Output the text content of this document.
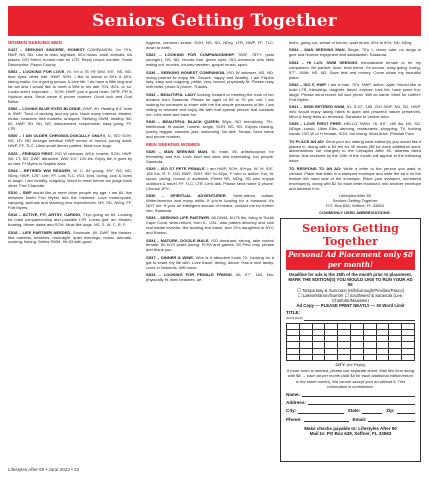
Seniors Getting Together
WOMEN SEEKING MEN
S427 – SEEKING SINCERE, HONEST COMPANION, I'm 70's, NWF, NS, ND. Like to read, sightsee, 50's music, walk, animals, nw places. ISO friend, honest man for LTR. Reply phone number, Small Description. Pasco County.
S502 – LOOKING FOR LOVE. Hi. I'm a 78 YR WW, 5'5", NS, ND, blue eyes, white hair, HWP. SOH. I like to dance to 50's & 60's, taking walks. I'm a giving person & love life. I do have a little dog and fat cat and I would like to meet a WM in his late 70's, 80's, or so. Looks aren't important ... SOH, HWP, just a good heart. NPR, PR & Hudson area. Send name & phone number. Good luck and God Bless.
S506 – LOVING BLUE EYED BLONDE, DWF, 60. Healthy 5'4" lives in SWF. Tired of working and my jobs. Have many interest, theater, music, beaches, flea markets, antiques. Seeking SWM, healthy, 58-62, HWP, SD, ND, NS, independent, responsible, easy going. FF, LTR.
S500 – I AM OLDER CHRONOLOGICALLY ONLY!!, D, ISO SOH, NS, LD, ND sexagic medical HWP sense of humor, young adult, HWP, FF, TLC. Likes small dinner parties. Must love dogs.
S525 – FRIENDS FIRST. ISO W widower, 8/0's, honest, SOH, HWP, NS, LT, SD. DWF, attractive, WW, 5'4", 120 lbs. Enjoy life, it goes by so fast. Ft Myers to Naples area.
S524 – RETIRED WW READER, W, C, 84 young, 5'6", NS, ND, NDrg, HWP, 125". Life, FF. Lots TLC. ISO, kind, loving, cool & loves to laugh. I am healthy, outgoing. Need to meet before we judge each other. Port Charlotte.
S510 – SWF would like to meet other people my age. I am 60, live between North Fort Myers and the midwest. Love motorcycles, camping, animals and learning new experiences. NS, SD, NDrg. FF. Fort Myers.
S516 – ACTIVE, FIT, ARTSY, CARING, 71yo going on 60. Looking for male companionship and possible LTR. Loves golf, art, theater, boating, dinner dates and SOH. Must like dogs. NS, S, W, C, R, F.
S518 – LIFE PARTNER NEEDED. Soulmate. 60, DWF, like theater, flea markets, beaches, moonlight, quiet evenings, music, animals, cooking, fishing. Seeks SWM, 59-63 with good
hygiene, common sense, SOH, NS, SD, NDrg, LTR, HWP, FF, TLC, down to earth.
S522 – LOOKING FOR COMPANIONSHIP. SWF, 78YY (acts younger), NS, ND, blonde hair, green eyes. ISO someone who likes eating out, movies, country western, gospel music, sport.
S336 – SEEKING HONEST COMPANION, ISO W widower, NS, ND, loving partner to enjoy life. Secure, happy and healthy. I am Filipino lady, easy and outgoing, petite, very honest, physically fit. Please reply with letter, photo & phone. Thanks.
S532 – BEAUTIFUL LADY looking forward to meeting the man of her dreams from Sarasota. Please be ages of 69 to 79 yrs. old. I am looking for someone to share with me the simple pleasures of life. I am willing to relocate and enjoy life with that special person that contacts me. Lets meet and have fun.
S540 – BEAUTIFUL BLACK QUEEN. 80yo, ISO friend/king. 75+, intellectual, fit astute, honest, single, SOH, NS, SD. Enjoys reading, poetry, reggae, classics, jazz, swimming. No wife. Tampa. Send name and phone number.
MEN SEEKING WOMEN
S520 – MAN SEEKING MAN. W, male, 80, artist/sculptor, for friendship and fun. Love food and wine and interesting, fun people. Sarasota.
S529 – ISO ST PETE FEMALE. I am HWP, SOH, 69+yo, W, M, 5'8", 155 lbs, R. F. ISO HWP, SOH, 55+ to 62yo, F who is active, fun, fit, smart, caring, honest & available. Prefer NS, NDrg, SD who enjoys outdoors & travel. FF, TLC, LTR. Let's talk. Please send name & phone. Choose JPY!
S530 – SPIRITUAL ADVENTURER. Semi-retired outlaw. Writer/inventor and many skills. If you're looking for a husband, it's NOT me. If your an intelligent woman of means, contact me for further info. Sarasota.
S533 – SEEKING LIFE PARTNER. 65 DWM, 6/175 lbs, living in South Cape Coral, semi-retired, from IL. CAL, was patient attorney and now real estate investor, like boating and travel, two/ 20's daughters in NYC and Boston.
S534 – MATURE, DOCILE MALE. ISO dominant, strong, take control female; 60 to70 years young. PLPA and games. 50 Pelo only. please and thank you.
S537 – DINNER & WINE. Who is it attractive looks 70. Looking for a gal to share my life with. Love travel, dining, dance. Has a nice family. Lives in Nokomis. Will move.
S533 – LOOKING FOR FEMALE FRIEND. 66, 5'7", 160, Tan, physically fit, likes beaches, art
fest's, going out, sense of humor, quiet times, 50's to 60's. ND, NDrg.
S534 – MAN SEEKING MAN. Single, 70's +, clean, safe, no drugs to give and receive enjoyment and satisfaction. Sarasota.
S543 – HI LUV. SWM SEEKING educateable female to be my companion, life partner, lover, best friend. I'm secure, easy going, loving, 5'7", 155lb, NS, ND. Save that rest money. Come share my beautiful place.
S542 – ISO F, HWP. I am a man, 70's, HWP, active, agile. Would like to build LTR, friendship, laughter, travel, explore, love life, have some fun, laugh. Please send recent full size photo. Will do same. Meet for coffee? Fort Myers.
S541 – SEMI RETIRED SWM, 61, 5'10", 185. ISO SWF, NS, SD, HWP, who would enjoy taking hikes in quiet and peaceful nature preserves. Mind & body feels so renewed. Sarasota to Venice area.
S539 – LOVE FIRST FREE. HELLO, SWM, 76, 5'6", 180 lbs, NS, SD, NDrgs, condo. Likes Elks, dancing, restaurants, shopping, TV, holding hands. ISO W or H female, SOH, fun loving. Must drive. Pinellas Park.
TO PLACE AN AD: Send your ad, stating what edition(s) you would like it placed in, along with a $4 fee for 30 words ($5 for each additional word; abbreviations not charged) to the Lifestyles After 50, address listed below. Ads received by the 15th of the month will appear in the following issue.
TO RESPOND TO AN AD: Write a letter to the person you want to contact. Place that letter in a stamped envelope and write the ad # on the bottom left hand side of the envelope. Place your stamped, numbered envelope(s), along with $2 for each letter enclosed, into another envelope and address it to:
Lifestyles After 50
Seniors Getting Together
P.O. Box 638, Seffner, FL 33583
COMMONLY USED ABBREVIATIONS:
Seniors Getting Together
Personal Ad Placement only $8 per month!
Deadline for ads is the 15th of the month prior to placement.
MARK THE EDITION(S) YOU WOULD LIKE TO RUN YOUR AD IN:
☐ Tampa Bay & Suncoast (Hillsborough/Pinellas/Pasco)
☐ Lakes/Marion/Sumter ☐ Southwest & Sarasota (Lee, Charlotte/Manatee)
Ad Copy — PLEASE PRINT NEATLY — 30 Word Limit
TITLE:
(First 8 Words)
CITY: (for Reply)
If more room is needed, please use separate sheet. Mail this form along with $8 → each ad per month (add $4 for each additional edition/return in the same month). We cannot accept your ad without it. This information is confidential.
Name:
Address:
City:	State:	Zip:
Phone:	Email:
Make checks payable to: Lifestyles After 50
Mail to: PO Box 638, Seffner, FL 33583
Lifestyles After 50 • June 2022 • 22
